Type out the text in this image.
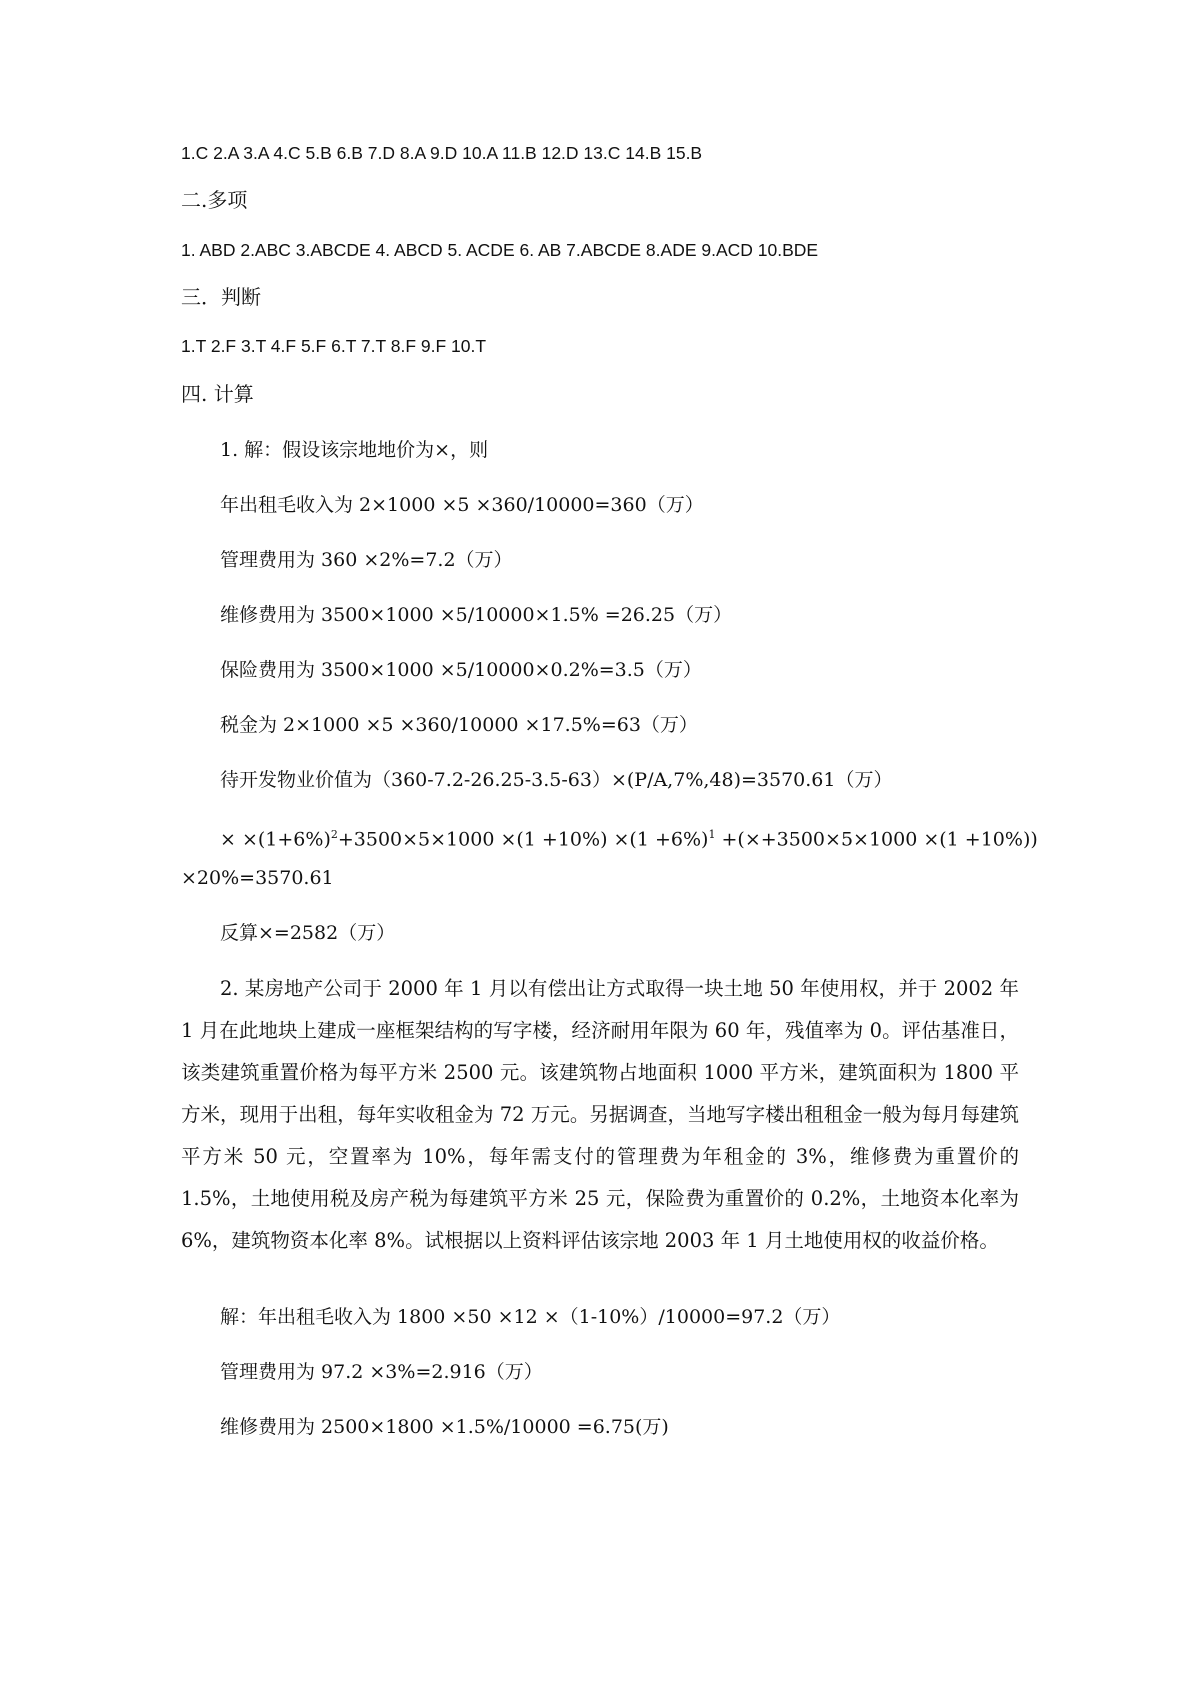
1.C 2.A 3.A 4.C 5.B 6.B 7.D 8.A 9.D 10.A 11.B 12.D 13.C 14.B 15.B
二.多项
1. ABD 2.ABC 3.ABCDE 4. ABCD 5. ACDE 6. AB 7.ABCDE 8.ADE 9.ACD 10.BDE
三．判断
1.T 2.F 3.T 4.F 5.F 6.T 7.T 8.F 9.F 10.T
四. 计算
1. 解：假设该宗地地价为×，则
年出租毛收入为 2×1000 ×5 ×360/10000=360（万）
管理费用为 360 ×2%=7.2（万）
维修费用为 3500×1000 ×5/10000×1.5% =26.25（万）
保险费用为 3500×1000 ×5/10000×0.2%=3.5（万）
税金为 2×1000 ×5 ×360/10000 ×17.5%=63（万）
待开发物业价值为（360-7.2-26.25-3.5-63）×(P/A,7%,48)=3570.61（万）
× $\times(1+6\%)^2+3500\times 5\times 1000 \times(1 +10\%) \times(1 +6\%)^1 +(\times+3500\times 5\times 1000 \times(1 +10\%))$
×20%=3570.61
反算×=2582（万）
2. 某房地产公司于 2000 年 1 月以有偿出让方式取得一块土地 50 年使用权，并于 2002 年 1 月在此地块上建成一座框架结构的写字楼，经济耐用年限为 60 年，残值率为 0。评估基准日，该类建筑重置价格为每平方米 2500 元。该建筑物占地面积 1000 平方米，建筑面积为 1800 平方米，现用于出租，每年实收租金为 72 万元。另据调查，当地写字楼出租租金一般为每月每建筑平方米 50 元，空置率为 10%，每年需支付的管理费为年租金的 3%，维修费为重置价的 1.5%，土地使用税及房产税为每建筑平方米 25 元，保险费为重置价的 0.2%，土地资本化率为 6%，建筑物资本化率 8%。试根据以上资料评估该宗地 2003 年 1 月土地使用权的收益价格。
解：年出租毛收入为 1800 ×50 ×12 ×（1-10%）/10000=97.2（万）
管理费用为 97.2 ×3%=2.916（万）
维修费用为 2500×1800 ×1.5%/10000 =6.75(万)
